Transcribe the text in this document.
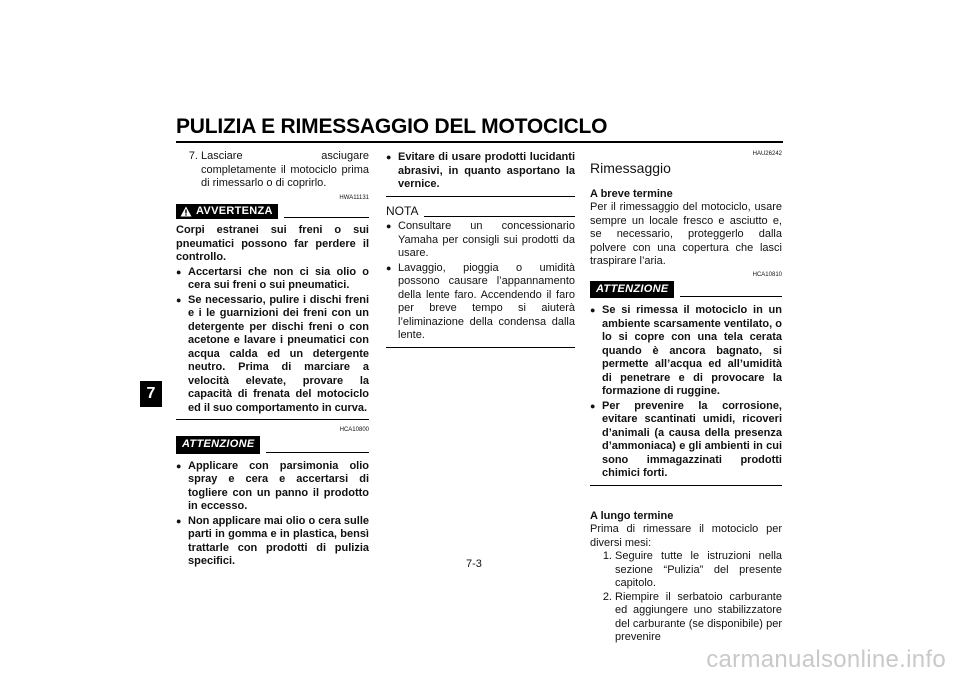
PULIZIA E RIMESSAGGIO DEL MOTOCICLO
7
7. Lasciare asciugare completamente il motociclo prima di rimessarlo o di coprirlo.
HWA11131
AVVERTENZA

Corpi estranei sui freni o sui pneumatici possono far perdere il controllo.

● Accertarsi che non ci sia olio o cera sui freni o sui pneumatici.
● Se necessario, pulire i dischi freni e i le guarnizioni dei freni con un detergente per dischi freni o con acetone e lavare i pneumatici con acqua calda ed un detergente neutro. Prima di marciare a velocità elevate, provare la capacità di frenata del motociclo ed il suo comportamento in curva.
HCA10800
ATTENZIONE
● Applicare con parsimonia olio spray e cera e accertarsi di togliere con un panno il prodotto in eccesso.
● Non applicare mai olio o cera sulle parti in gomma e in plastica, bensì trattarle con prodotti di pulizia specifici.
● Evitare di usare prodotti lucidanti abrasivi, in quanto asportano la vernice.
NOTA
● Consultare un concessionario Yamaha per consigli sui prodotti da usare.
● Lavaggio, pioggia o umidità possono causare l’appannamento della lente faro. Accendendo il faro per breve tempo si aiuterà l’eliminazione della condensa dalla lente.
HAU26242
Rimessaggio
A breve termine

Per il rimessaggio del motociclo, usare sempre un locale fresco e asciutto e, se necessario, proteggerlo dalla polvere con una copertura che lasci traspirare l’aria.

HCA10810
ATTENZIONE
● Se si rimessa il motociclo in un ambiente scarsamente ventilato, o lo si copre con una tela cerata quando è ancora bagnato, si permette all’acqua ed all’umidità di penetrare e di provocare la formazione di ruggine.
● Per prevenire la corrosione, evitare scantinati umidi, ricoveri d’animali (a causa della presenza d’ammoniaca) e gli ambienti in cui sono immagazzinati prodotti chimici forti.
A lungo termine

Prima di rimessare il motociclo per diversi mesi:

1. Seguire tutte le istruzioni nella sezione “Pulizia” del presente capitolo.
2. Riempire il serbatoio carburante ed aggiungere uno stabilizzatore del carburante (se disponibile) per prevenire
7-3
carmanualsonline.info
